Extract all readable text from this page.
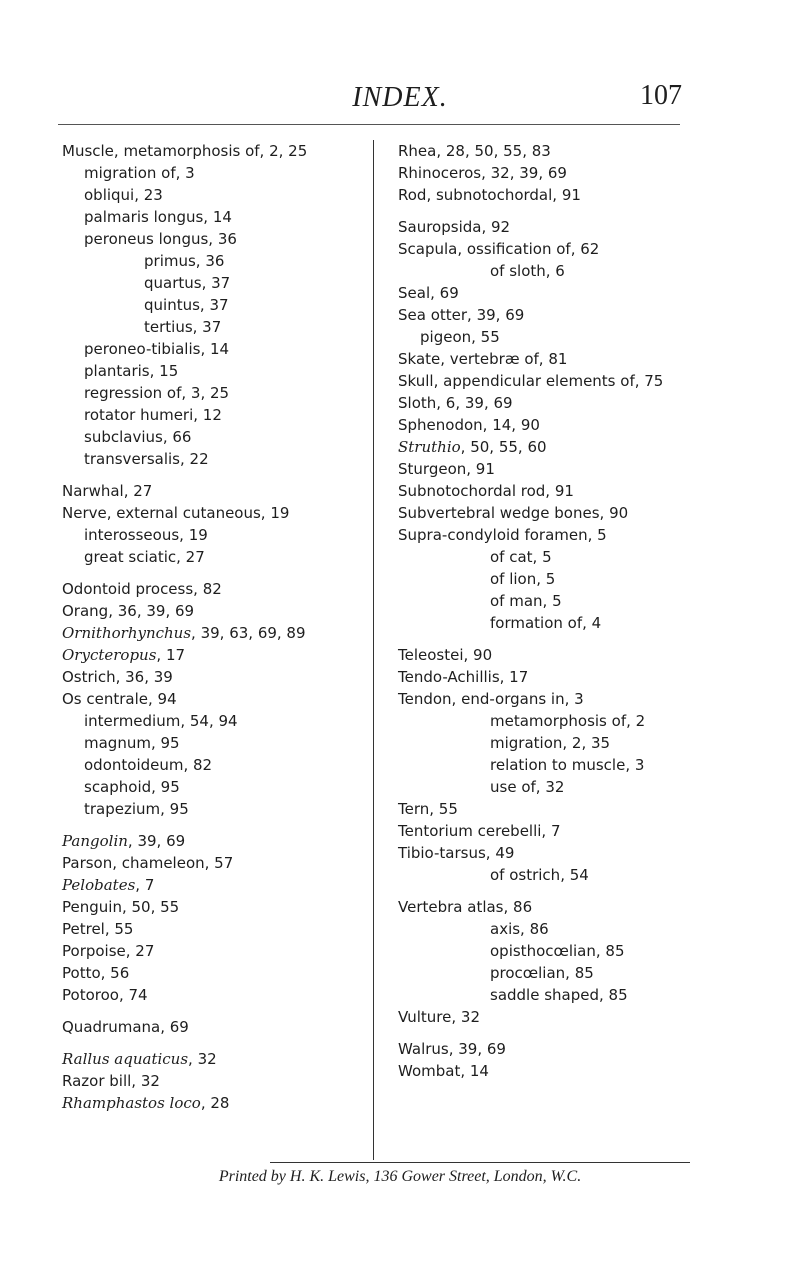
INDEX.	107
Muscle, metamorphosis of, 2, 25
migration of, 3
obliqui, 23
palmaris longus, 14
peroneus longus, 36
primus, 36
quartus, 37
quintus, 37
tertius, 37
peroneo-tibialis, 14
plantaris, 15
regression of, 3, 25
rotator humeri, 12
subclavius, 66
transversalis, 22
Narwhal, 27
Nerve, external cutaneous, 19
interosseous, 19
great sciatic, 27
Odontoid process, 82
Orang, 36, 39, 69
Ornithorhynchus, 39, 63, 69, 89
Orycteropus, 17
Ostrich, 36, 39
Os centrale, 94
intermedium, 54, 94
magnum, 95
odontoideum, 82
scaphoid, 95
trapezium, 95
Pangolin, 39, 69
Parson, chameleon, 57
Pelobates, 7
Penguin, 50, 55
Petrel, 55
Porpoise, 27
Potto, 56
Potoroo, 74
Quadrumana, 69
Rallus aquaticus, 32
Razor bill, 32
Rhamphastos loco, 28
Rhea, 28, 50, 55, 83
Rhinoceros, 32, 39, 69
Rod, subnotochordal, 91
Sauropsida, 92
Scapula, ossification of, 62
of sloth, 6
Seal, 69
Sea otter, 39, 69
pigeon, 55
Skate, vertebræ of, 81
Skull, appendicular elements of, 75
Sloth, 6, 39, 69
Sphenodon, 14, 90
Struthio, 50, 55, 60
Sturgeon, 91
Subnotochordal rod, 91
Subvertebral wedge bones, 90
Supra-condyloid foramen, 5
of cat, 5
of lion, 5
of man, 5
formation of, 4
Teleostei, 90
Tendo-Achillis, 17
Tendon, end-organs in, 3
metamorphosis of, 2
migration, 2, 35
relation to muscle, 3
use of, 32
Tern, 55
Tentorium cerebelli, 7
Tibio-tarsus, 49
of ostrich, 54
Vertebra atlas, 86
axis, 86
opisthocœlian, 85
procœlian, 85
saddle shaped, 85
Vulture, 32
Walrus, 39, 69
Wombat, 14
Printed by H. K. Lewis, 136 Gower Street, London, W.C.
